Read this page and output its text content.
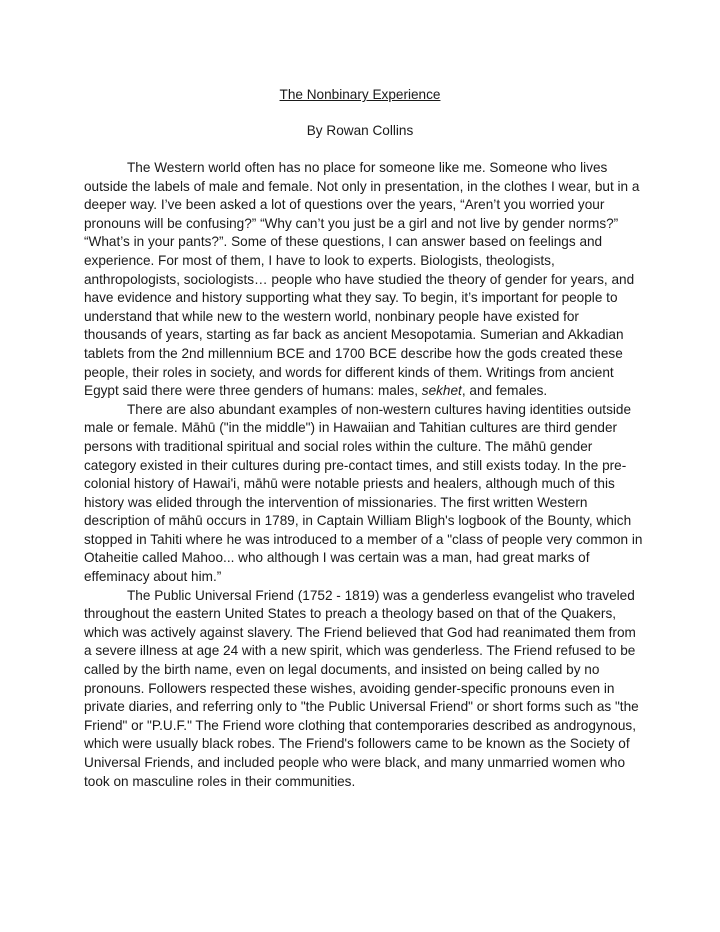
The Nonbinary Experience
By Rowan Collins

The Western world often has no place for someone like me. Someone who lives outside the labels of male and female. Not only in presentation, in the clothes I wear, but in a deeper way. I’ve been asked a lot of questions over the years, “Aren’t you worried your pronouns will be confusing?” “Why can’t you just be a girl and not live by gender norms?” “What’s in your pants?”. Some of these questions, I can answer based on feelings and experience. For most of them, I have to look to experts. Biologists, theologists, anthropologists, sociologists… people who have studied the theory of gender for years, and have evidence and history supporting what they say. To begin, it’s important for people to understand that while new to the western world, nonbinary people have existed for thousands of years, starting as far back as ancient Mesopotamia. Sumerian and Akkadian tablets from the 2nd millennium BCE and 1700 BCE describe how the gods created these people, their roles in society, and words for different kinds of them. Writings from ancient Egypt said there were three genders of humans: males, sekhet, and females.

There are also abundant examples of non-western cultures having identities outside male or female. Māhū ("in the middle") in Hawaiian and Tahitian cultures are third gender persons with traditional spiritual and social roles within the culture. The māhū gender category existed in their cultures during pre-contact times, and still exists today. In the pre-colonial history of Hawai'i, māhū were notable priests and healers, although much of this history was elided through the intervention of missionaries. The first written Western description of māhū occurs in 1789, in Captain William Bligh's logbook of the Bounty, which stopped in Tahiti where he was introduced to a member of a "class of people very common in Otaheitie called Mahoo... who although I was certain was a man, had great marks of effeminacy about him.”

The Public Universal Friend (1752 - 1819) was a genderless evangelist who traveled throughout the eastern United States to preach a theology based on that of the Quakers, which was actively against slavery. The Friend believed that God had reanimated them from a severe illness at age 24 with a new spirit, which was genderless. The Friend refused to be called by the birth name, even on legal documents, and insisted on being called by no pronouns. Followers respected these wishes, avoiding gender-specific pronouns even in private diaries, and referring only to "the Public Universal Friend" or short forms such as "the Friend" or "P.U.F." The Friend wore clothing that contemporaries described as androgynous, which were usually black robes. The Friend's followers came to be known as the Society of Universal Friends, and included people who were black, and many unmarried women who took on masculine roles in their communities.
